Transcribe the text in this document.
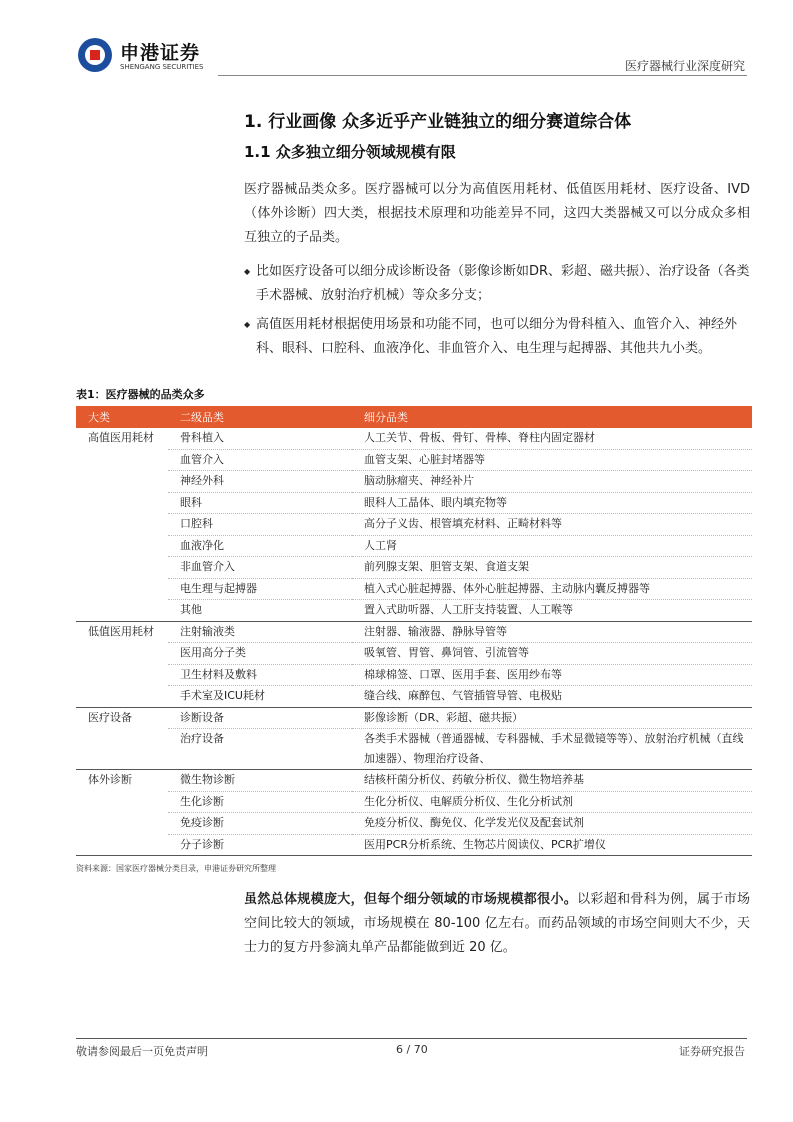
申港证券
SHENGANG SECURITIES	医疗器械行业深度研究
1. 行业画像 众多近乎产业链独立的细分赛道综合体
1.1 众多独立细分领域规模有限
医疗器械品类众多。医疗器械可以分为高值医用耗材、低值医用耗材、医疗设备、IVD（体外诊断）四大类，根据技术原理和功能差异不同，这四大类器械又可以分成众多相互独立的子品类。
◆ 比如医疗设备可以细分成诊断设备（影像诊断如DR、彩超、磁共振）、治疗设备（各类手术器械、放射治疗机械）等众多分支；
◆ 高值医用耗材根据使用场景和功能不同，也可以细分为骨科植入、血管介入、神经外科、眼科、口腔科、血液净化、非血管介入、电生理与起搏器、其他共九小类。
表1：医疗器械的品类众多
大类	二级品类	细分品类
高值医用耗材	骨科植入	人工关节、骨板、骨钉、骨棒、脊柱内固定器材
	血管介入	血管支架、心脏封堵器等
	神经外科	脑动脉瘤夹、神经补片
	眼科	眼科人工晶体、眼内填充物等
	口腔科	高分子义齿、根管填充材料、正畸材料等
	血液净化	人工肾
	非血管介入	前列腺支架、胆管支架、食道支架
	电生理与起搏器	植入式心脏起搏器、体外心脏起搏器、主动脉内囊反搏器等
	其他	置入式助听器、人工肝支持装置、人工喉等
低值医用耗材	注射输液类	注射器、输液器、静脉导管等
	医用高分子类	吸氧管、胃管、鼻饲管、引流管等
	卫生材料及敷料	棉球棉签、口罩、医用手套、医用纱布等
	手术室及ICU耗材	缝合线、麻醉包、气管插管导管、电极贴
医疗设备	诊断设备	影像诊断（DR、彩超、磁共振）
	治疗设备	各类手术器械（普通器械、专科器械、手术显微镜等等）、放射治疗机械（直线加速器）、物理治疗设备、
体外诊断	微生物诊断	结核杆菌分析仪、药敏分析仪、微生物培养基
	生化诊断	生化分析仪、电解质分析仪、生化分析试剂
	免疫诊断	免疫分析仪、酶免仪、化学发光仪及配套试剂
	分子诊断	医用PCR分析系统、生物芯片阅读仪、PCR扩增仪
资料来源：国家医疗器械分类目录，申港证券研究所整理
虽然总体规模庞大，但每个细分领域的市场规模都很小。以彩超和骨科为例，属于市场空间比较大的领域，市场规模在 80-100 亿左右。而药品领域的市场空间则大不少，天士力的复方丹参滴丸单产品都能做到近 20 亿。
敬请参阅最后一页免责声明	6 / 70	证券研究报告
